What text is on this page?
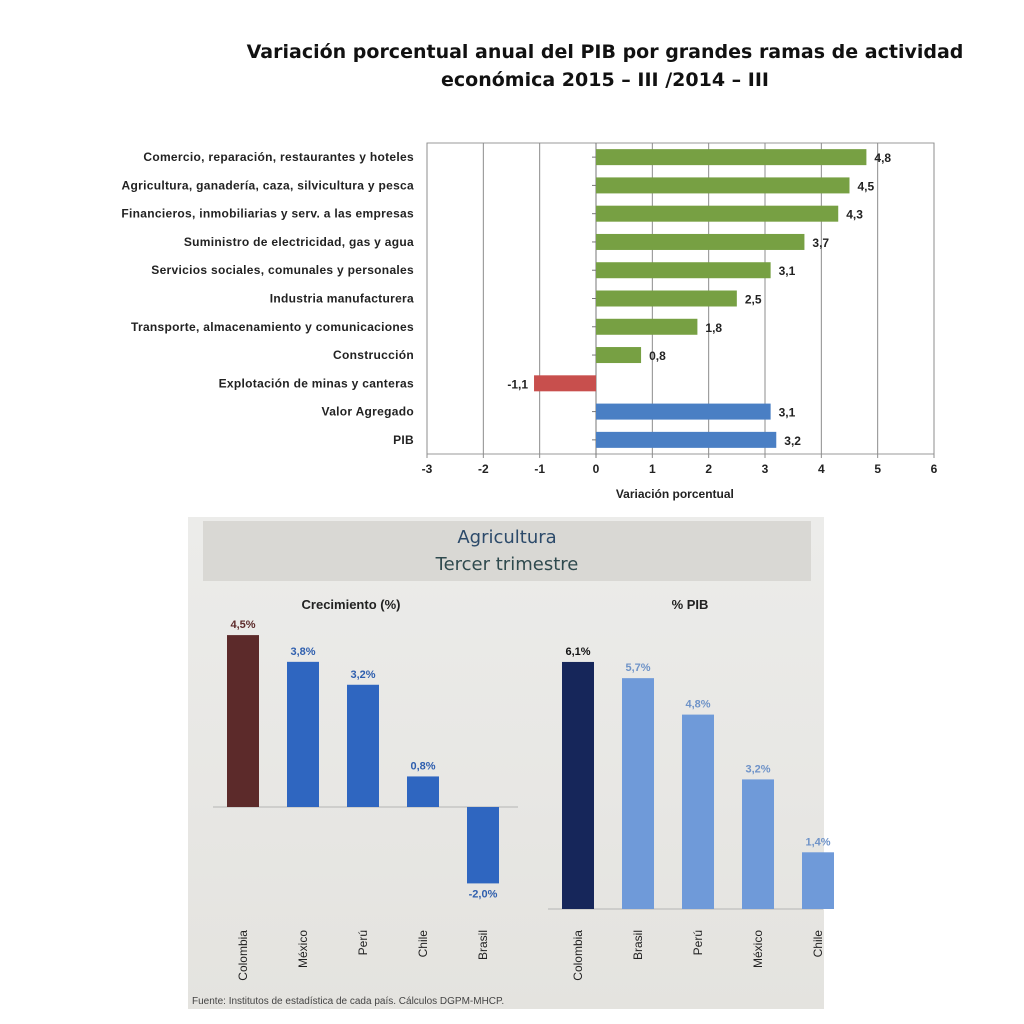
Variación porcentual anual del PIB por grandes ramas de actividad
económica 2015 – III /2014 – III
-3	-2	-1	0	1	2	3	4	5	6
Variación porcentual
Comercio, reparación, restaurantes y hoteles	4,8
Agricultura, ganadería, caza, silvicultura y pesca	4,5
Financieros, inmobiliarias y serv. a las empresas	4,3
Suministro de electricidad, gas y agua	3,7
Servicios sociales, comunales y personales	3,1
Industria manufacturera	2,5
Transporte, almacenamiento y comunicaciones	1,8
Construcción	0,8
Explotación de minas y canteras	-1,1
Valor Agregado	3,1
PIB	3,2
Agricultura
Tercer trimestre
Crecimiento (%)
4,5%
Colombia
3,8%
México
3,2%
Perú
0,8%
Chile
-2,0%
Brasil
% PIB
6,1%
Colombia
5,7%
Brasil
4,8%
Perú
3,2%
México
1,4%
Chile
Fuente: Institutos de estadística de cada país. Cálculos DGPM-MHCP.
